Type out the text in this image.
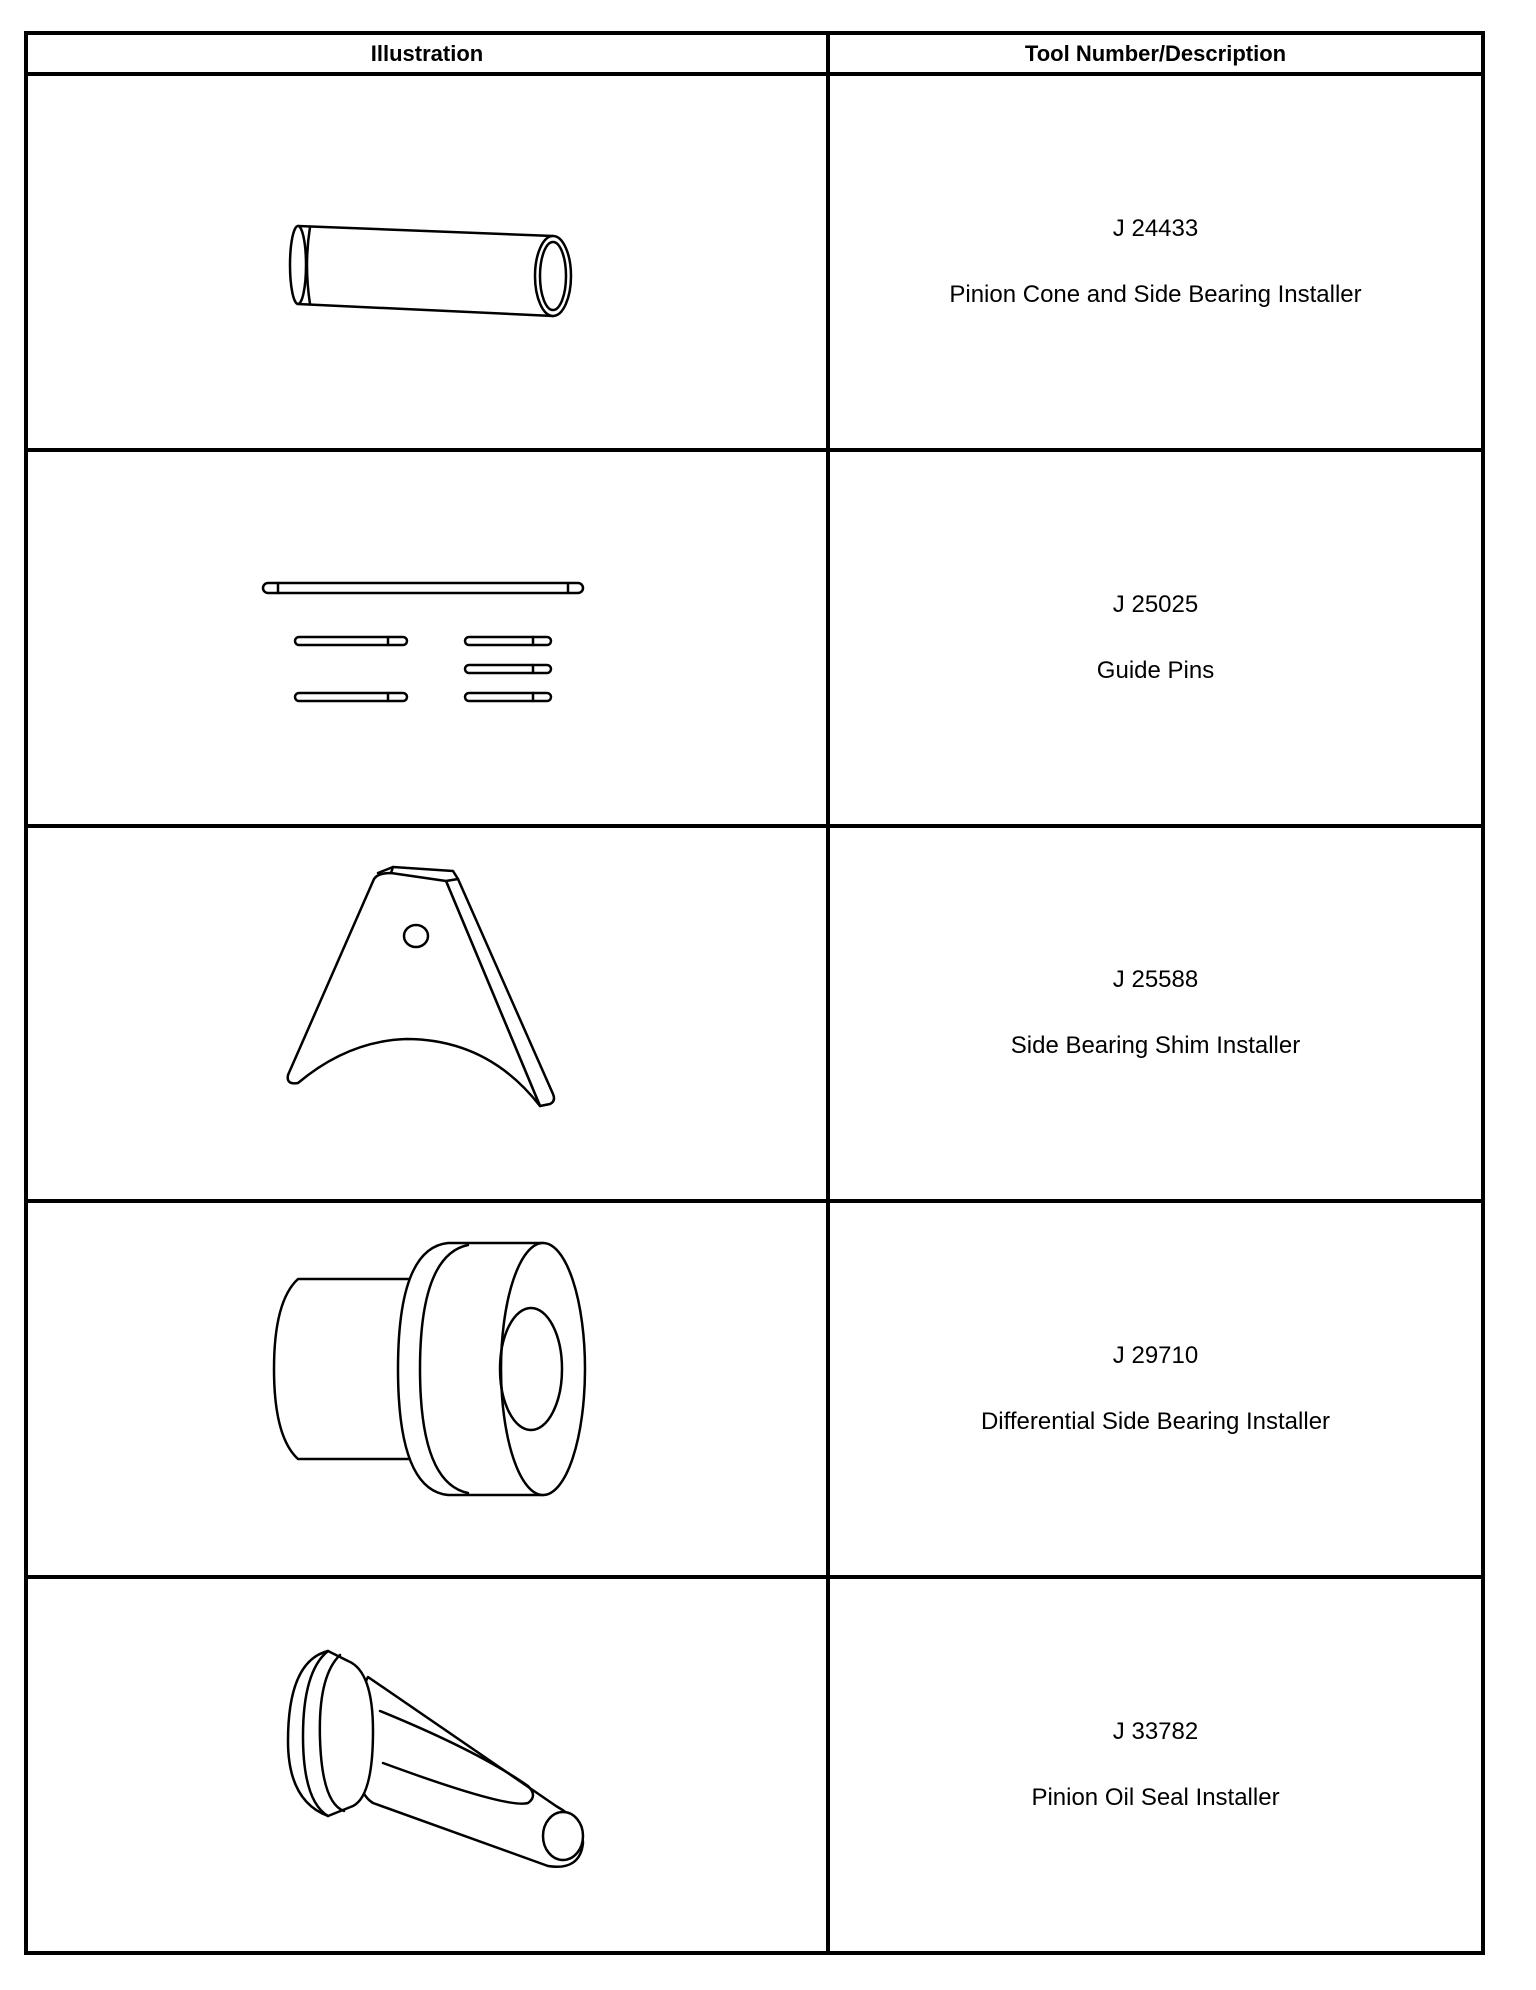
Illustration	Tool Number/Description

J 24433
Pinion Cone and Side Bearing Installer

J 25025
Guide Pins

J 25588
Side Bearing Shim Installer

J 29710
Differential Side Bearing Installer

J 33782
Pinion Oil Seal Installer
